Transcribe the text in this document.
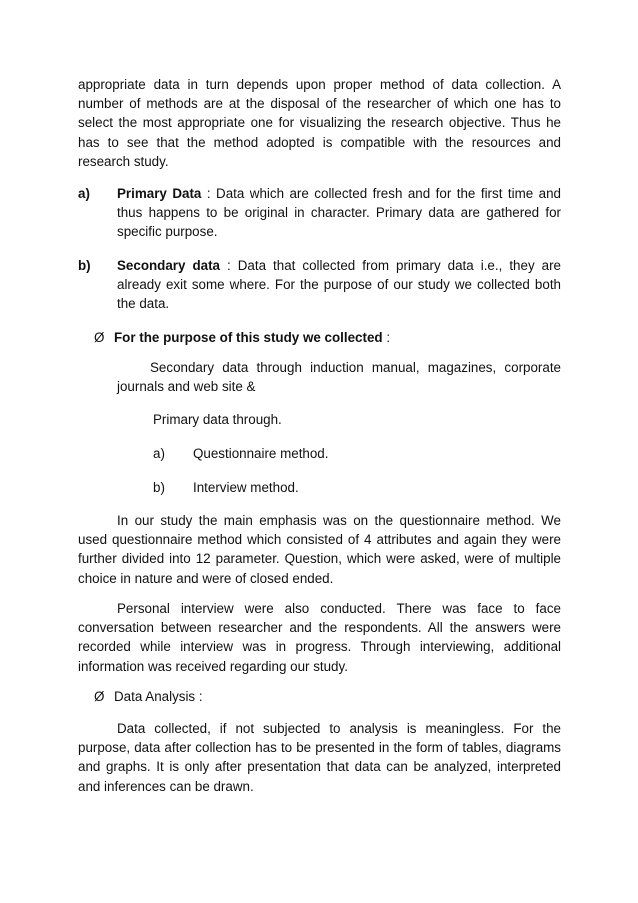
appropriate data in turn depends upon proper method of data collection. A number of methods are at the disposal of the researcher of which one has to select the most appropriate one for visualizing the research objective. Thus he has to see that the method adopted is compatible with the resources and research study.

a) Primary Data : Data which are collected fresh and for the first time and thus happens to be original in character. Primary data are gathered for specific purpose.

b) Secondary data : Data that collected from primary data i.e., they are already exit some where. For the purpose of our study we collected both the data.

Ø For the purpose of this study we collected :

Secondary data through induction manual, magazines, corporate journals and web site &

Primary data through.
a) Questionnaire method.
b) Interview method.

In our study the main emphasis was on the questionnaire method. We used questionnaire method which consisted of 4 attributes and again they were further divided into 12 parameter. Question, which were asked, were of multiple choice in nature and were of closed ended.

Personal interview were also conducted. There was face to face conversation between researcher and the respondents. All the answers were recorded while interview was in progress. Through interviewing, additional information was received regarding our study.

Ø Data Analysis :

Data collected, if not subjected to analysis is meaningless. For the purpose, data after collection has to be presented in the form of tables, diagrams and graphs. It is only after presentation that data can be analyzed, interpreted and inferences can be drawn.
